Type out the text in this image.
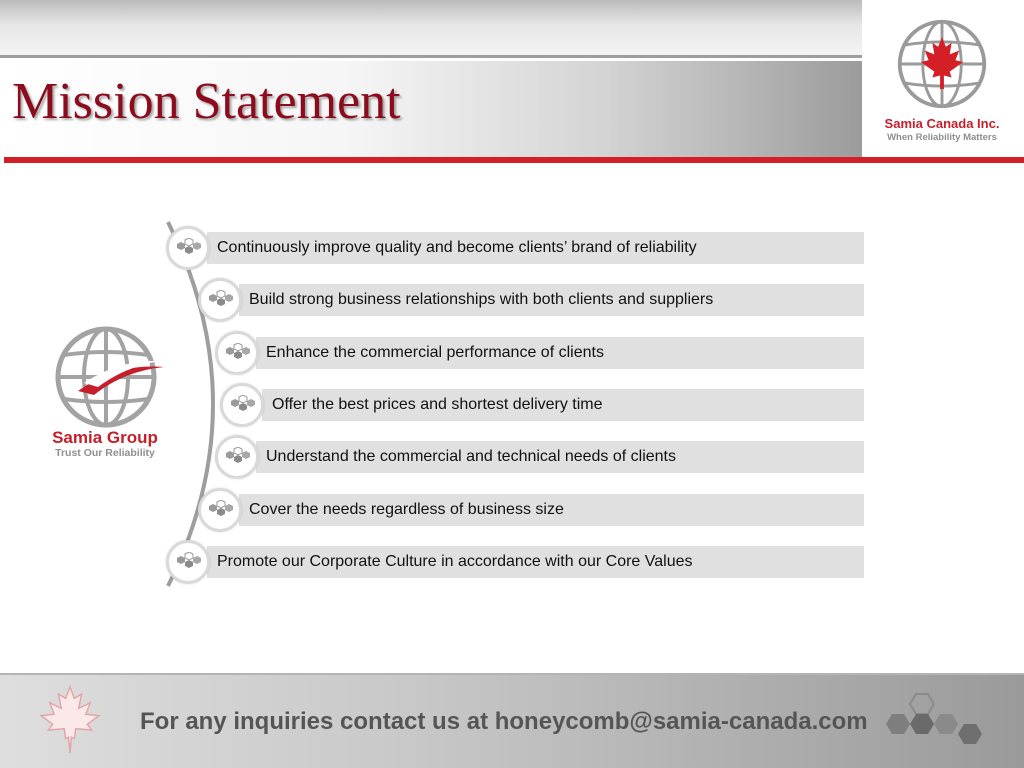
Mission Statement	Samia Canada Inc.
When Reliability Matters
Samia Group
Trust Our Reliability
Continuously improve quality and become clients’ brand of reliability
Build strong business relationships with both clients and suppliers
Enhance the commercial performance of clients
Offer the best prices and shortest delivery time
Understand the commercial and technical needs of clients
Cover the needs regardless of business size
Promote our Corporate Culture in accordance with our Core Values
For any inquiries contact us at honeycomb@samia-canada.com
